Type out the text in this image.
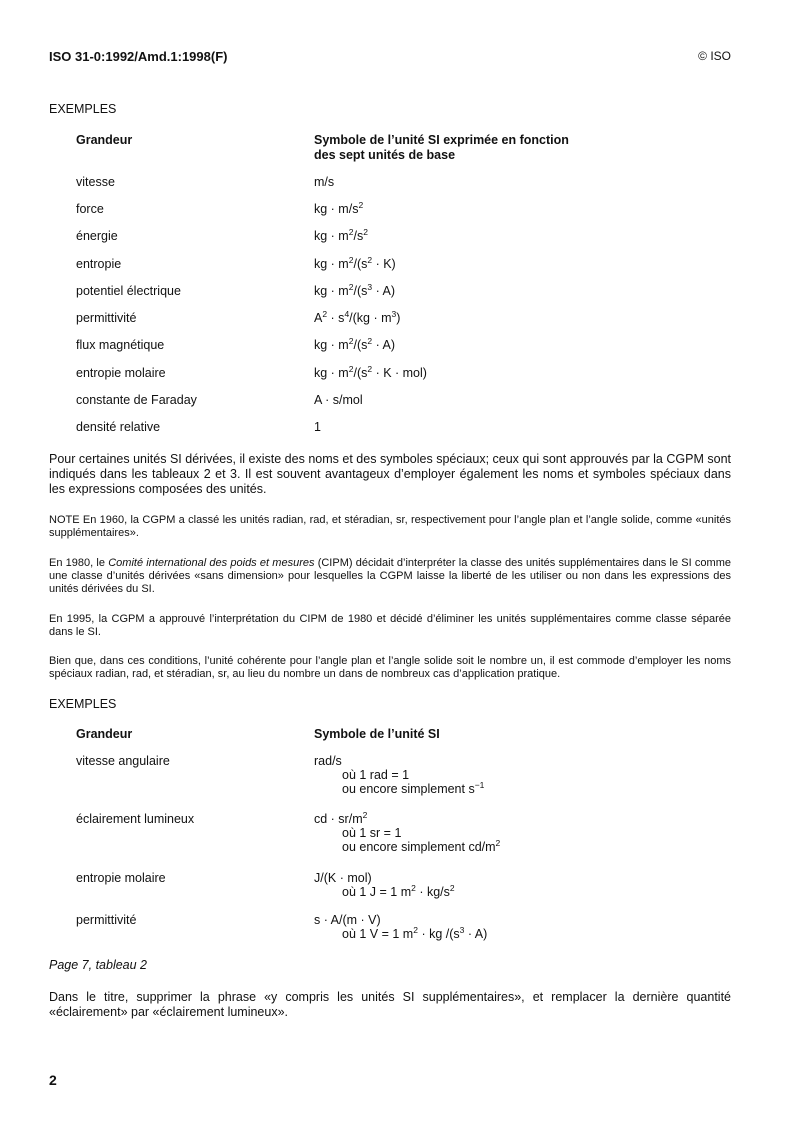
ISO 31-0:1992/Amd.1:1998(F)	© ISO
EXEMPLES
Grandeur	Symbole de l’unité SI exprimée en fonction
des sept unités de base
vitesse	m/s
force	kg · $m/s^2$
énergie	kg · $m^2/s^2$
entropie	kg · $m^2/(s^2 \cdot K)$
potentiel électrique	kg · $m^2/(s^3 \cdot A)$
permittivité	$A^2 \cdot s^4/(kg \cdot m^3)$
flux magnétique	kg · $m^2/(s^2 \cdot A)$
entropie molaire	kg · $m^2/(s^2 \cdot K \cdot mol)$
constante de Faraday	A · s/mol
densité relative	1
Pour certaines unités SI dérivées, il existe des noms et des symboles spéciaux; ceux qui sont approuvés par la CGPM sont indiqués dans les tableaux 2 et 3. Il est souvent avantageux d’employer également les noms et symboles spéciaux dans les expressions composées des unités.
NOTE En 1960, la CGPM a classé les unités radian, rad, et stéradian, sr, respectivement pour l’angle plan et l’angle solide, comme «unités supplémentaires».
En 1980, le Comité international des poids et mesures (CIPM) décidait d’interpréter la classe des unités supplémentaires dans le SI comme une classe d’unités dérivées «sans dimension» pour lesquelles la CGPM laisse la liberté de les utiliser ou non dans les expressions des unités dérivées du SI.
En 1995, la CGPM a approuvé l’interprétation du CIPM de 1980 et décidé d’éliminer les unités supplémentaires comme classe séparée dans le SI.
Bien que, dans ces conditions, l’unité cohérente pour l’angle plan et l’angle solide soit le nombre un, il est commode d’employer les noms spéciaux radian, rad, et stéradian, sr, au lieu du nombre un dans de nombreux cas d’application pratique.
EXEMPLES
Grandeur	Symbole de l’unité SI
vitesse angulaire	rad/s
où 1 rad = 1
ou encore simplement $s^{-1}$
éclairement lumineux	cd · $sr/m^2$
où 1 sr = 1
ou encore simplement $cd/m^2$
entropie molaire	J/(K · mol)
où 1 J = 1 $m^2 \cdot kg/s^2$
permittivité	s · A/(m · V)
où 1 V = 1 $m^2$ · kg $/(s^3 \cdot A)$
Page 7, tableau 2
Dans le titre, supprimer la phrase «y compris les unités SI supplémentaires», et remplacer la dernière quantité «éclairement» par «éclairement lumineux».
2
